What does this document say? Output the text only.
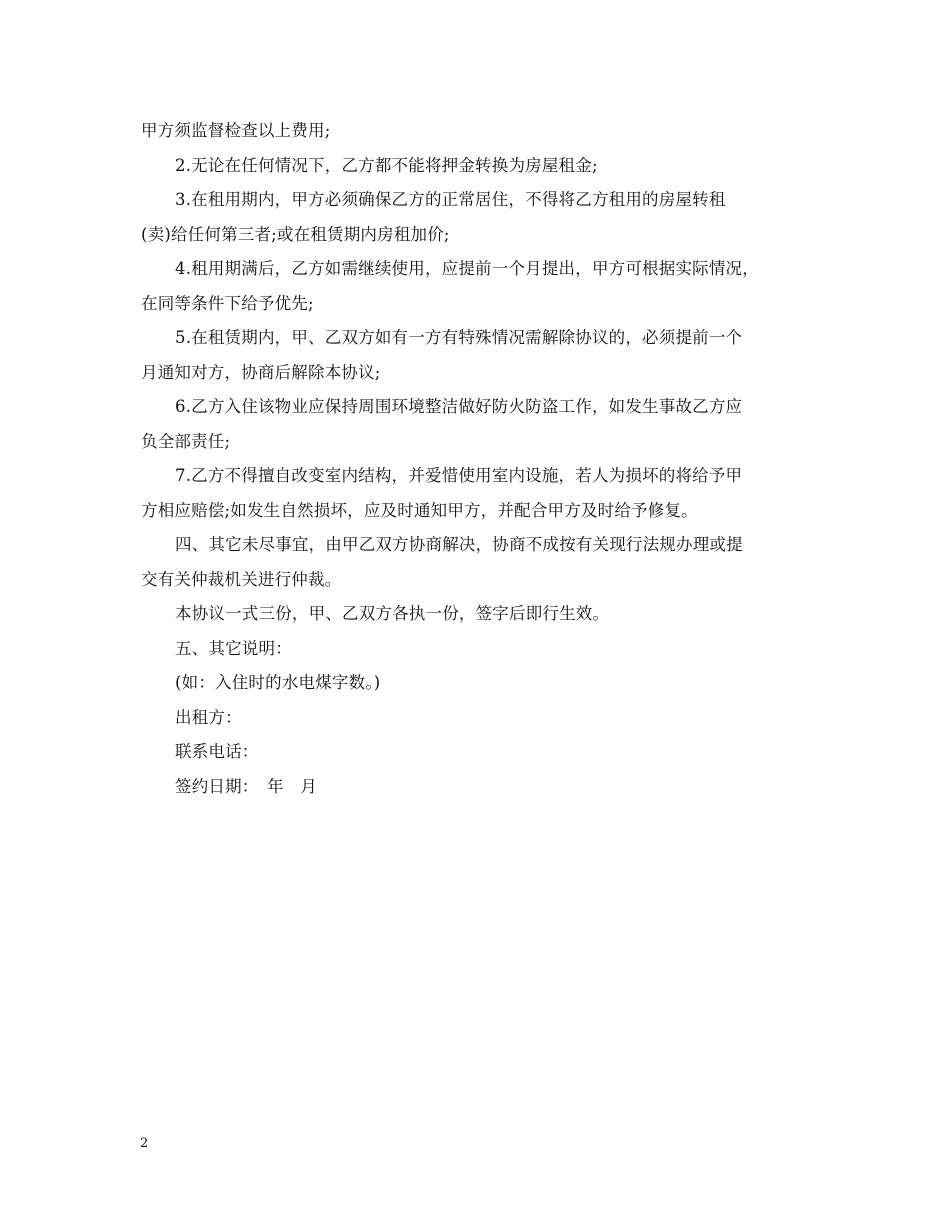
甲方须监督检查以上费用;
2.无论在任何情况下，乙方都不能将押金转换为房屋租金;
3.在租用期内，甲方必须确保乙方的正常居住，不得将乙方租用的房屋转租
(卖)给任何第三者;或在租赁期内房租加价;
4.租用期满后，乙方如需继续使用，应提前一个月提出，甲方可根据实际情况，
在同等条件下给予优先;
5.在租赁期内，甲、乙双方如有一方有特殊情况需解除协议的，必须提前一个
月通知对方，协商后解除本协议;
6.乙方入住该物业应保持周围环境整洁做好防火防盗工作，如发生事故乙方应
负全部责任;
7.乙方不得擅自改变室内结构，并爱惜使用室内设施，若人为损坏的将给予甲
方相应赔偿;如发生自然损坏，应及时通知甲方，并配合甲方及时给予修复。
四、其它未尽事宜，由甲乙双方协商解决，协商不成按有关现行法规办理或提
交有关仲裁机关进行仲裁。
本协议一式三份，甲、乙双方各执一份，签字后即行生效。
五、其它说明：
(如：入住时的水电煤字数。)
出租方：
联系电话：
签约日期：　年　月
2
